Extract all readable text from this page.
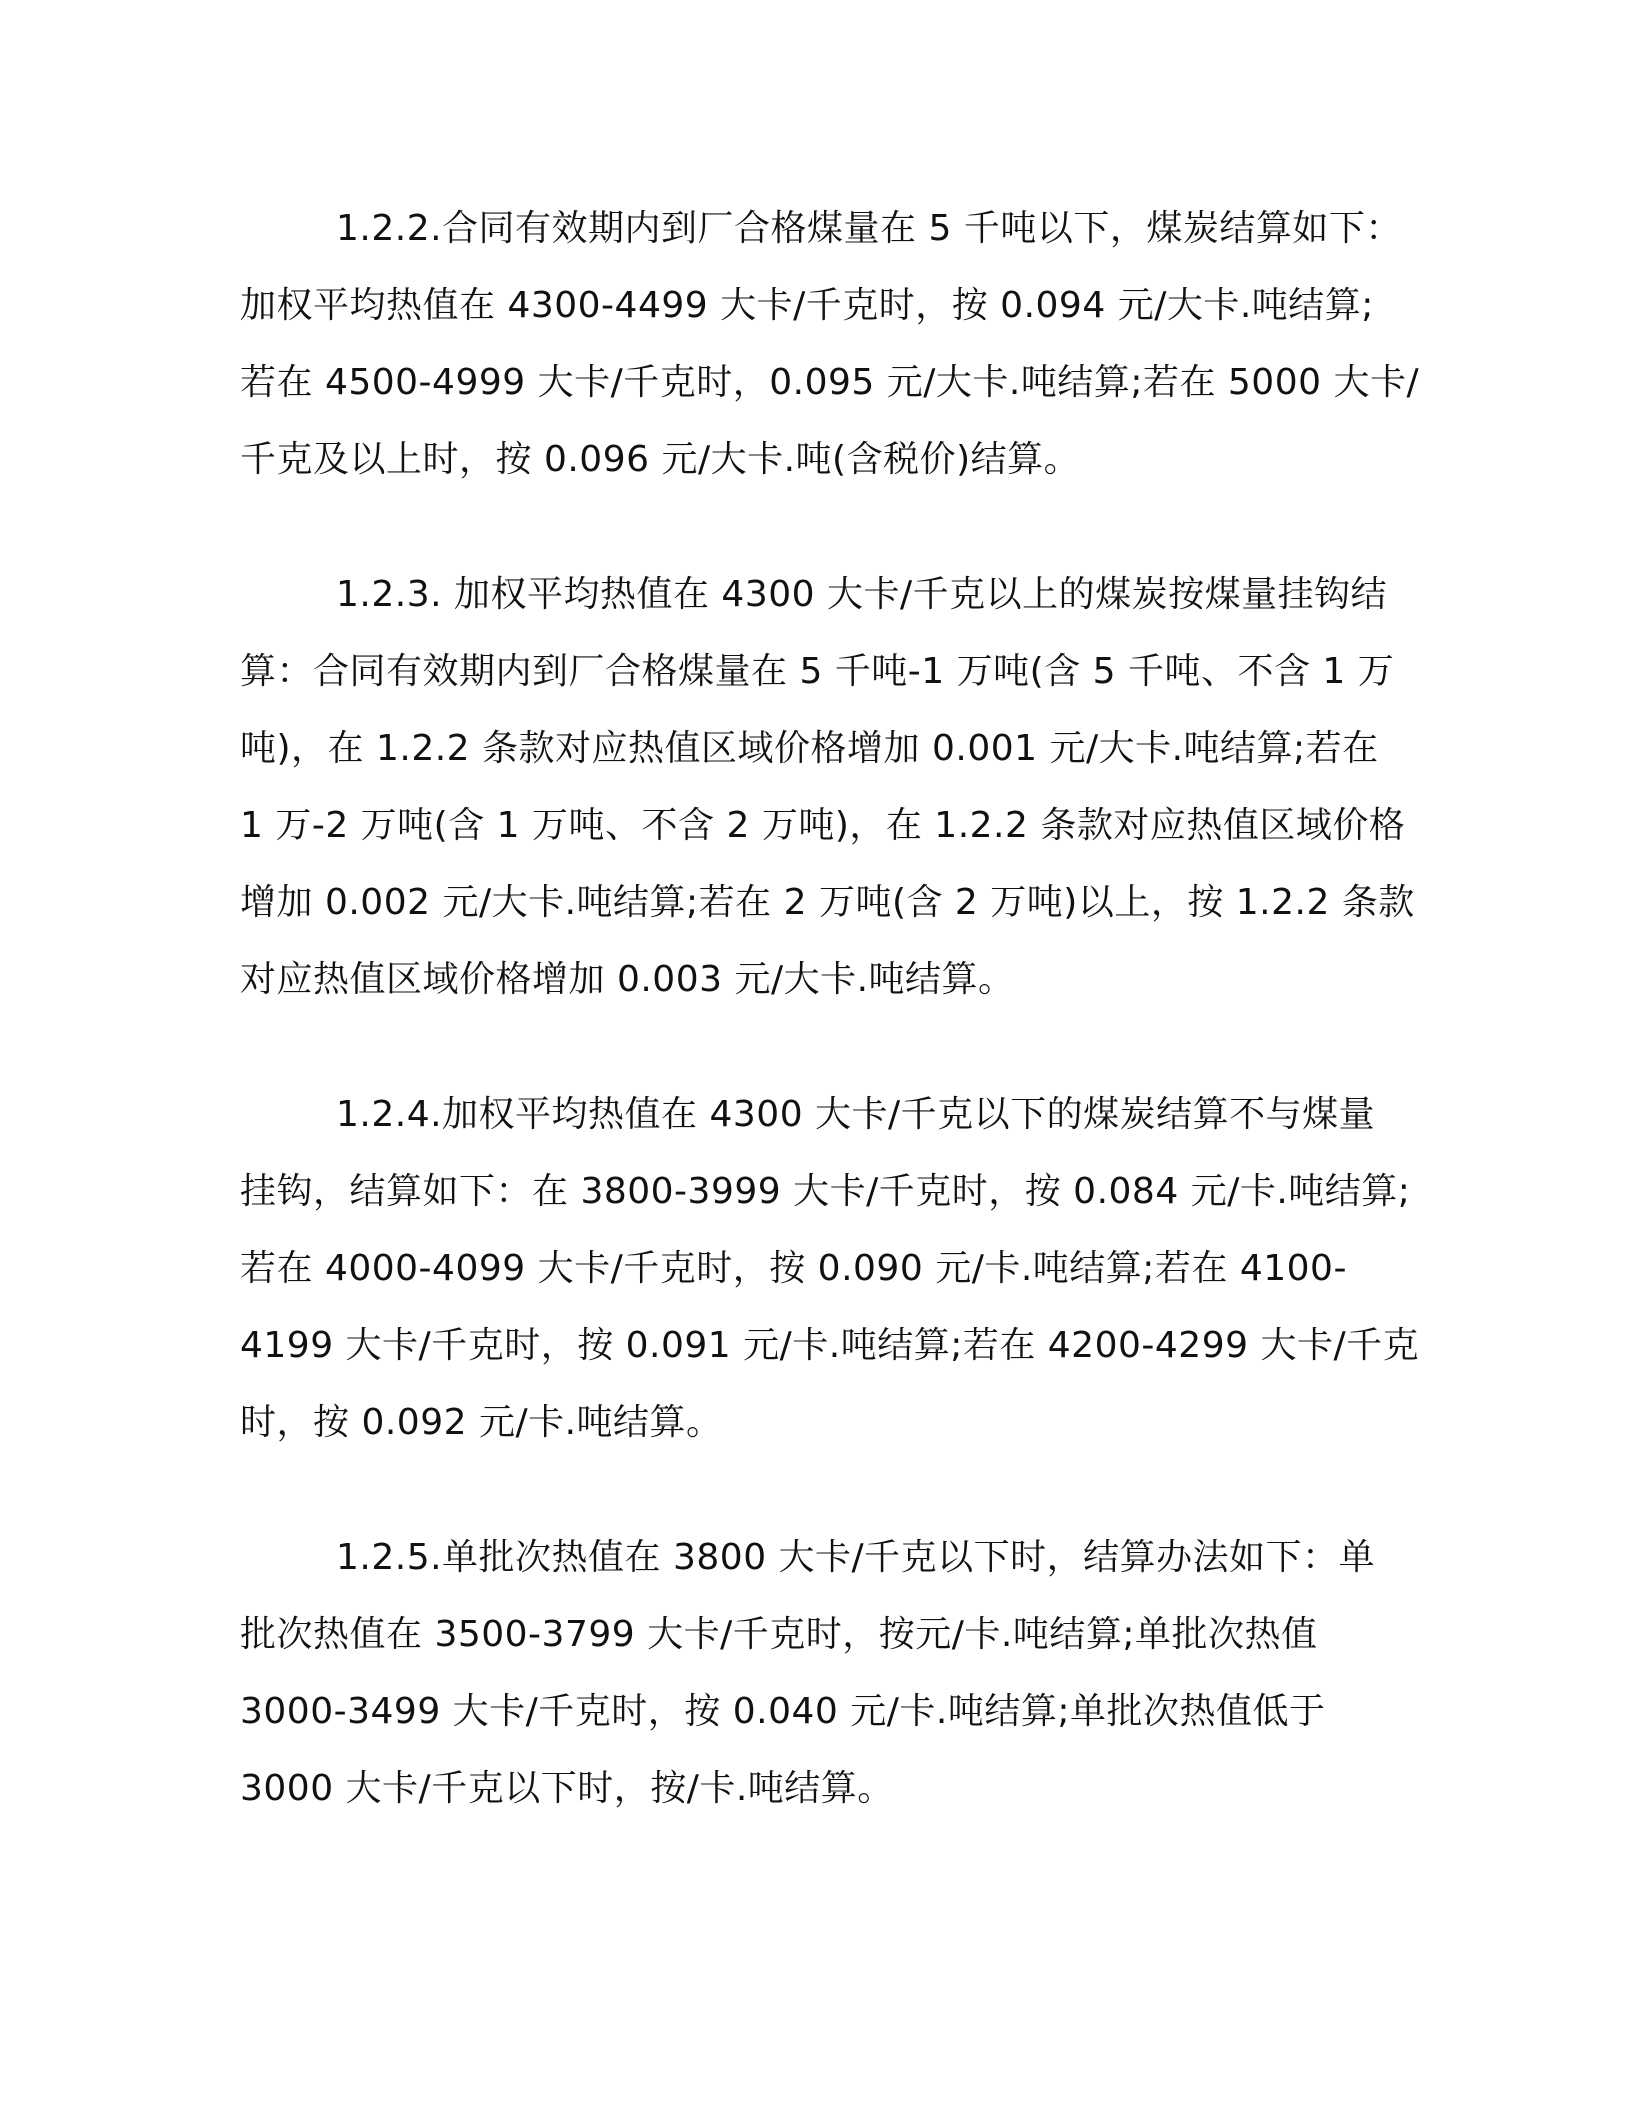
1.2.2.合同有效期内到厂合格煤量在 5 千吨以下，煤炭结算如下：
加权平均热值在 4300-4499 大卡/千克时，按 0.094 元/大卡.吨结算;
若在 4500-4999 大卡/千克时，0.095 元/大卡.吨结算;若在 5000 大卡/
千克及以上时，按 0.096 元/大卡.吨(含税价)结算。

1.2.3. 加权平均热值在 4300 大卡/千克以上的煤炭按煤量挂钩结
算：合同有效期内到厂合格煤量在 5 千吨-1 万吨(含 5 千吨、不含 1 万
吨)，在 1.2.2 条款对应热值区域价格增加 0.001 元/大卡.吨结算;若在
1 万-2 万吨(含 1 万吨、不含 2 万吨)，在 1.2.2 条款对应热值区域价格
增加 0.002 元/大卡.吨结算;若在 2 万吨(含 2 万吨)以上，按 1.2.2 条款
对应热值区域价格增加 0.003 元/大卡.吨结算。

1.2.4.加权平均热值在 4300 大卡/千克以下的煤炭结算不与煤量
挂钩，结算如下：在 3800-3999 大卡/千克时，按 0.084 元/卡.吨结算;
若在 4000-4099 大卡/千克时，按 0.090 元/卡.吨结算;若在 4100-
4199 大卡/千克时，按 0.091 元/卡.吨结算;若在 4200-4299 大卡/千克
时，按 0.092 元/卡.吨结算。

1.2.5.单批次热值在 3800 大卡/千克以下时，结算办法如下：单
批次热值在 3500-3799 大卡/千克时，按元/卡.吨结算;单批次热值
3000-3499 大卡/千克时，按 0.040 元/卡.吨结算;单批次热值低于
3000 大卡/千克以下时，按/卡.吨结算。
